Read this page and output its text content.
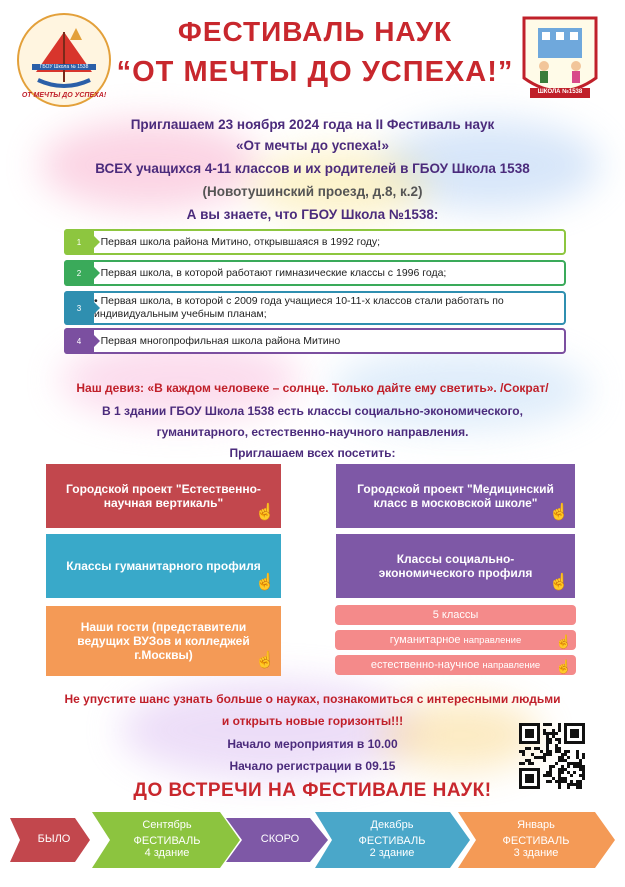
ГБОУ Школа № 1538
ОТ МЕЧТЫ ДО УСПЕХА!	ШКОЛА №1538
ФЕСТИВАЛЬ НАУК
“ОТ МЕЧТЫ ДО УСПЕХА!”
Приглашаем 23 ноября 2024 года на II Фестиваль наук
«От мечты до успеха!»
ВСЕХ учащихся 4-11 классов и их родителей в ГБОУ Школа 1538
(Новотушинский проезд, д.8, к.2)
А вы знаете, что ГБОУ Школа №1538:
1	• Первая школа района Митино, открывшаяся в 1992 году;
2	• Первая школа, в которой работают гимназические классы с 1996 года;
3
• Первая школа, в которой с 2009 года учащиеся 10-11-х классов стали работать по индивидуальным учебным планам;
4	• Первая многопрофильная школа района Митино
Наш девиз: «В каждом человеке – солнце. Только дайте ему светить». /Сократ/
В 1 здании ГБОУ Школа 1538 есть классы социально-экономического,
гуманитарного, естественно-научного направления.
Приглашаем всех посетить:
Городской проект "Естественно-научная вертикаль"
☝
Городской проект "Медицинский класс в московской школе"
☝
Классы гуманитарного профиля
☝
Классы социально-экономического профиля
☝
Наши гости (представители ведущих ВУЗов и колледжей г.Москвы)	☝
5 классы
гуманитарное направление	☝
естественно-научное направление ☝
Не упустите шанс узнать больше о науках, познакомиться с интересными людьми
и открыть новые горизонты!!!
Начало мероприятия в 10.00
Начало регистрации в 09.15
ДО ВСТРЕЧИ НА ФЕСТИВАЛЕ НАУК!
БЫЛО
Сентябрь
ФЕСТИВАЛЬ
4 здание
СКОРО
Декабрь
ФЕСТИВАЛЬ
2 здание
Январь
ФЕСТИВАЛЬ
3 здание
